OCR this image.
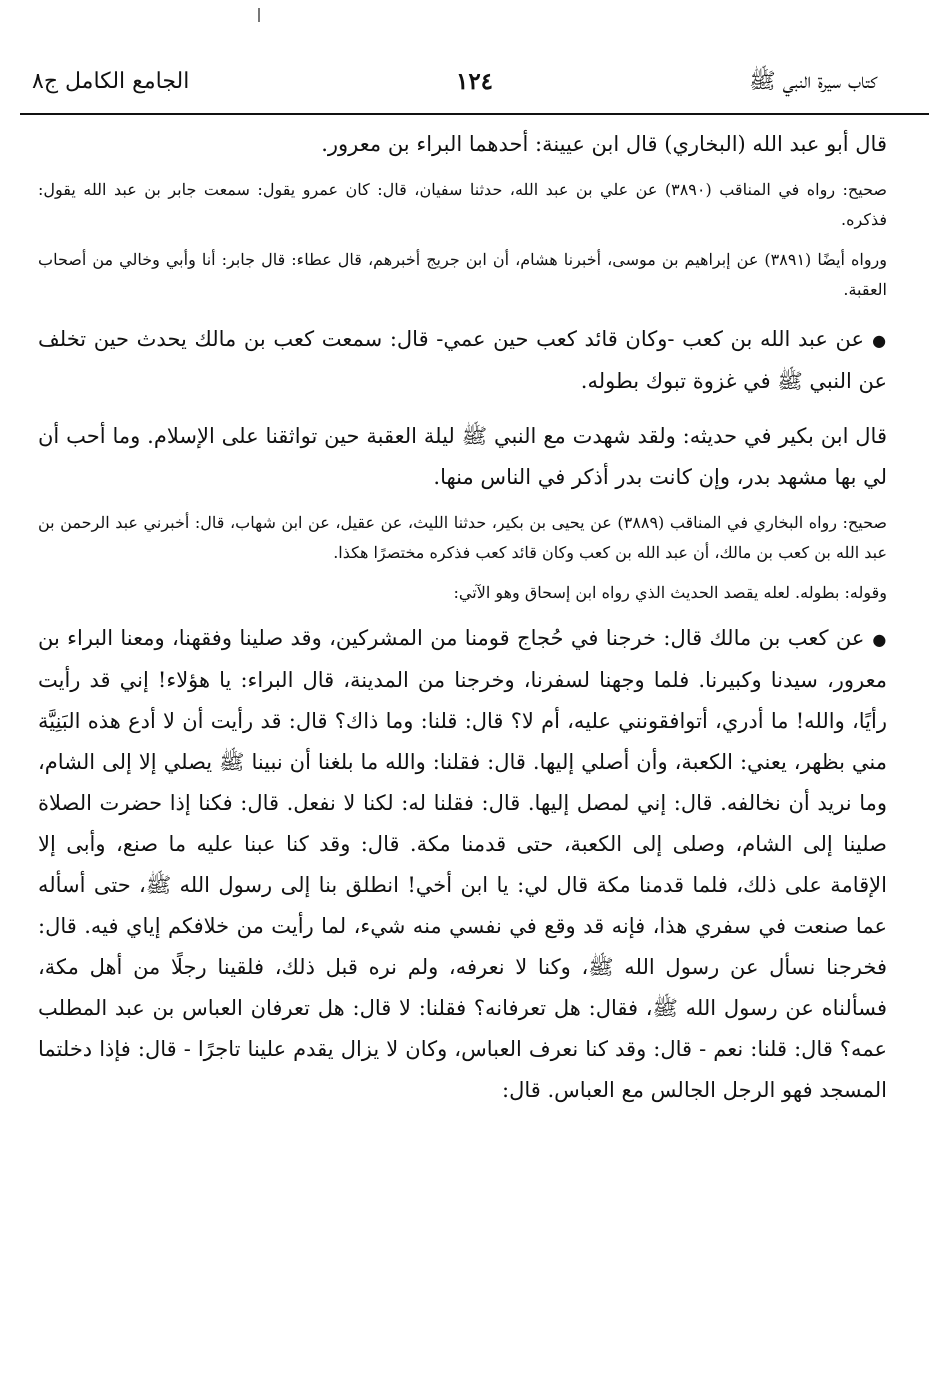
كتاب سيرة النبي ﷺ
١٢٤
الجامع الكامل ج٨

قال أبو عبد الله (البخاري) قال ابن عيينة: أحدهما البراء بن معرور.

صحيح: رواه في المناقب (٣٨٩٠) عن علي بن عبد الله، حدثنا سفيان، قال: كان عمرو يقول: سمعت جابر بن عبد الله يقول: فذكره.

ورواه أيضًا (٣٨٩١) عن إبراهيم بن موسى، أخبرنا هشام، أن ابن جريج أخبرهم، قال عطاء: قال جابر: أنا وأبي وخالي من أصحاب العقبة.

●عن عبد الله بن كعب -وكان قائد كعب حين عمي- قال: سمعت كعب بن مالك يحدث حين تخلف عن النبي ﷺ في غزوة تبوك بطوله.

قال ابن بكير في حديثه: ولقد شهدت مع النبي ﷺ ليلة العقبة حين تواثقنا على الإسلام. وما أحب أن لي بها مشهد بدر، وإن كانت بدر أذكر في الناس منها.

صحيح: رواه البخاري في المناقب (٣٨٨٩) عن يحيى بن بكير، حدثنا الليث، عن عقيل، عن ابن شهاب، قال: أخبرني عبد الرحمن بن عبد الله بن كعب بن مالك، أن عبد الله بن كعب وكان قائد كعب فذكره مختصرًا هكذا.

وقوله: بطوله. لعله يقصد الحديث الذي رواه ابن إسحاق وهو الآتي:

●عن كعب بن مالك قال: خرجنا في حُجاج قومنا من المشركين، وقد صلينا وفقهنا، ومعنا البراء بن معرور، سيدنا وكبيرنا. فلما وجهنا لسفرنا، وخرجنا من المدينة، قال البراء: يا هؤلاء! إني قد رأيت رأيًا، والله! ما أدري، أتوافقونني عليه، أم لا؟ قال: قلنا: وما ذاك؟ قال: قد رأيت أن لا أدع هذه البَنِيَّة مني بظهر، يعني: الكعبة، وأن أصلي إليها. قال: فقلنا: والله ما بلغنا أن نبينا ﷺ يصلي إلا إلى الشام، وما نريد أن نخالفه. قال: إني لمصل إليها. قال: فقلنا له: لكنا لا نفعل. قال: فكنا إذا حضرت الصلاة صلينا إلى الشام، وصلى إلى الكعبة، حتى قدمنا مكة. قال: وقد كنا عبنا عليه ما صنع، وأبى إلا الإقامة على ذلك، فلما قدمنا مكة قال لي: يا ابن أخي! انطلق بنا إلى رسول الله ﷺ، حتى أسأله عما صنعت في سفري هذا، فإنه قد وقع في نفسي منه شيء، لما رأيت من خلافكم إياي فيه. قال: فخرجنا نسأل عن رسول الله ﷺ، وكنا لا نعرفه، ولم نره قبل ذلك، فلقينا رجلًا من أهل مكة، فسألناه عن رسول الله ﷺ، فقال: هل تعرفانه؟ فقلنا: لا قال: هل تعرفان العباس بن عبد المطلب عمه؟ قال: قلنا: نعم - قال: وقد كنا نعرف العباس، وكان لا يزال يقدم علينا تاجرًا - قال: فإذا دخلتما المسجد فهو الرجل الجالس مع العباس. قال:
